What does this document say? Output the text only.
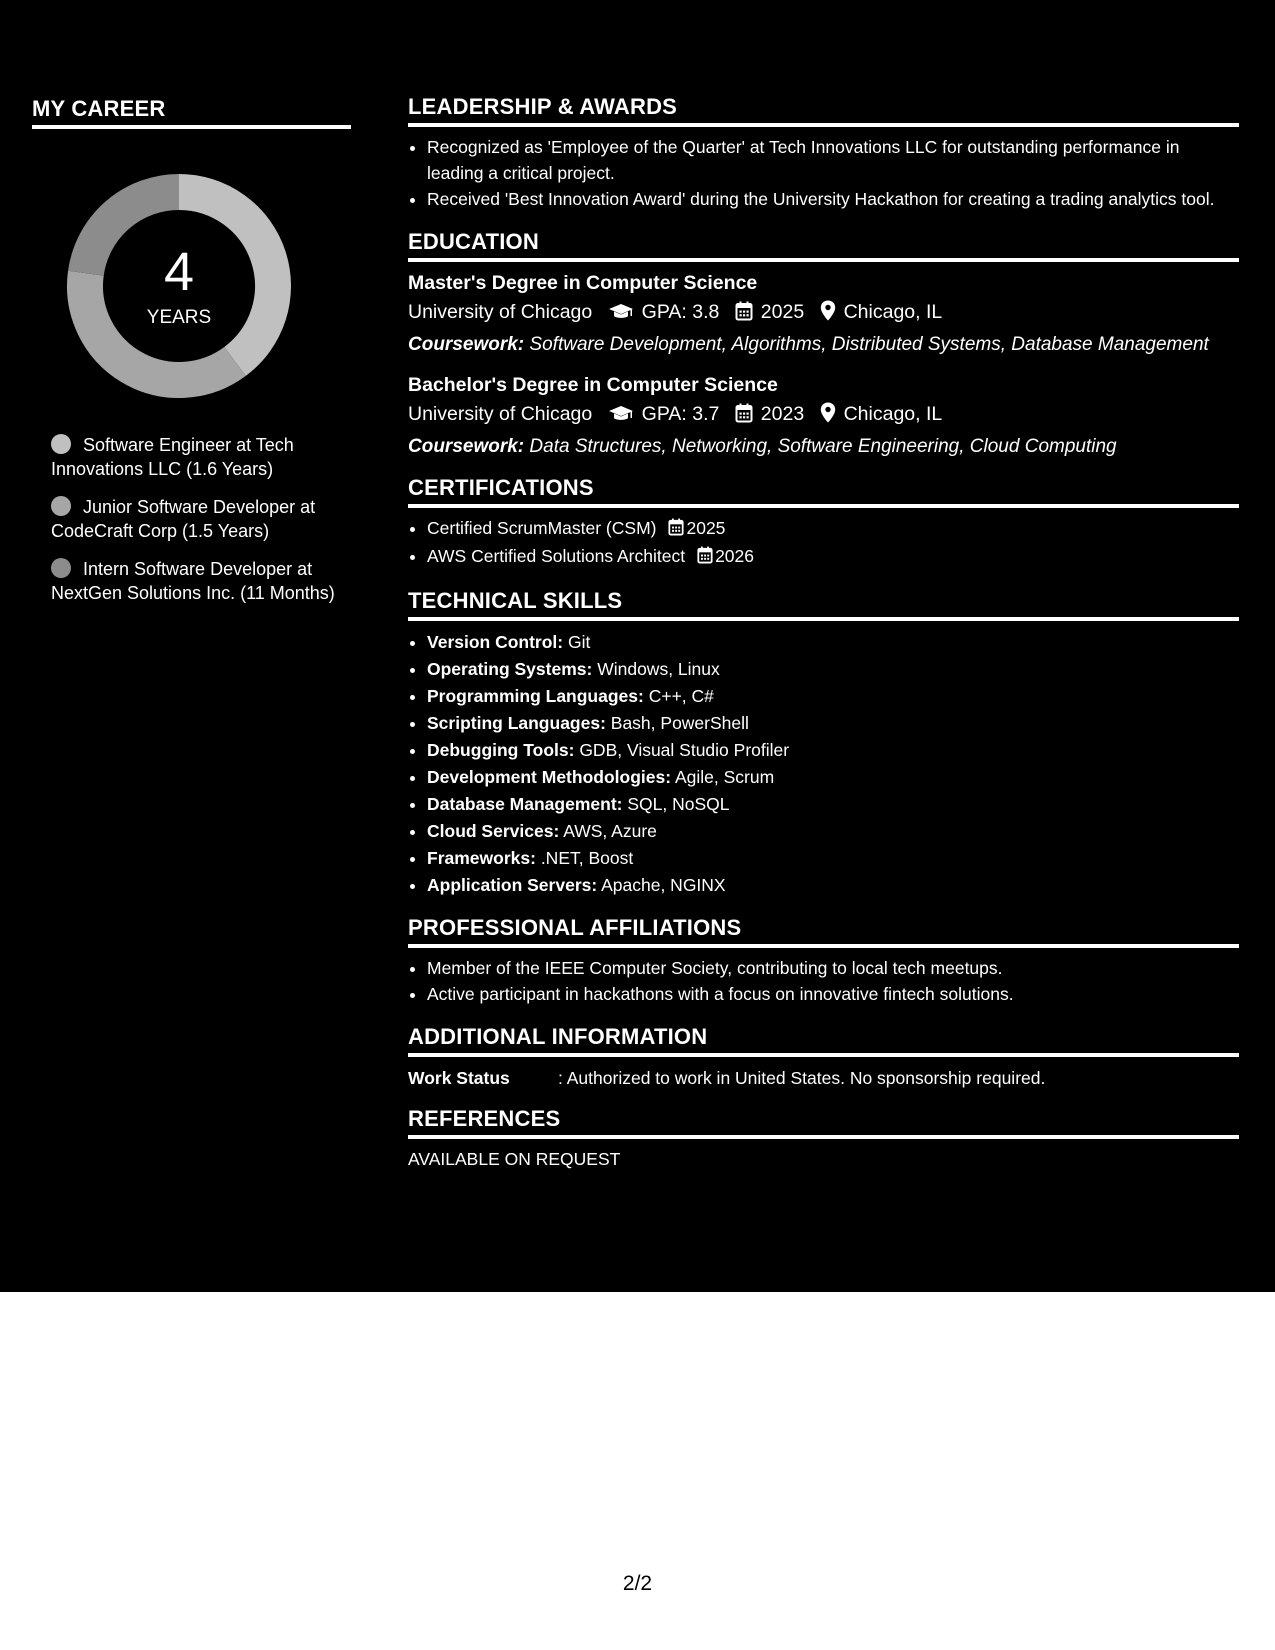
MY CAREER
4
YEARS
Software Engineer at Tech Innovations LLC (1.6 Years)
Junior Software Developer at CodeCraft Corp (1.5 Years)
Intern Software Developer at NextGen Solutions Inc. (11 Months)
LEADERSHIP & AWARDS
• Recognized as 'Employee of the Quarter' at Tech Innovations LLC for outstanding performance in leading a critical project.
• Received 'Best Innovation Award' during the University Hackathon for creating a trading analytics tool.
EDUCATION
Master's Degree in Computer Science
University of Chicago	GPA: 3.8 2025 Chicago, IL
Coursework: Software Development, Algorithms, Distributed Systems, Database Management
Bachelor's Degree in Computer Science
University of Chicago	GPA: 3.7 2023 Chicago, IL
Coursework: Data Structures, Networking, Software Engineering, Cloud Computing
CERTIFICATIONS
• Certified ScrumMaster (CSM) 2025
• AWS Certified Solutions Architect 2026
TECHNICAL SKILLS
• Version Control: Git
• Operating Systems: Windows, Linux
• Programming Languages: C++, C#
• Scripting Languages: Bash, PowerShell
• Debugging Tools: GDB, Visual Studio Profiler
• Development Methodologies: Agile, Scrum
• Database Management: SQL, NoSQL
• Cloud Services: AWS, Azure
• Frameworks: .NET, Boost
• Application Servers: Apache, NGINX
PROFESSIONAL AFFILIATIONS
• Member of the IEEE Computer Society, contributing to local tech meetups.
• Active participant in hackathons with a focus on innovative fintech solutions.
ADDITIONAL INFORMATION
Work Status	: Authorized to work in United States. No sponsorship required.
REFERENCES
AVAILABLE ON REQUEST
2/2
